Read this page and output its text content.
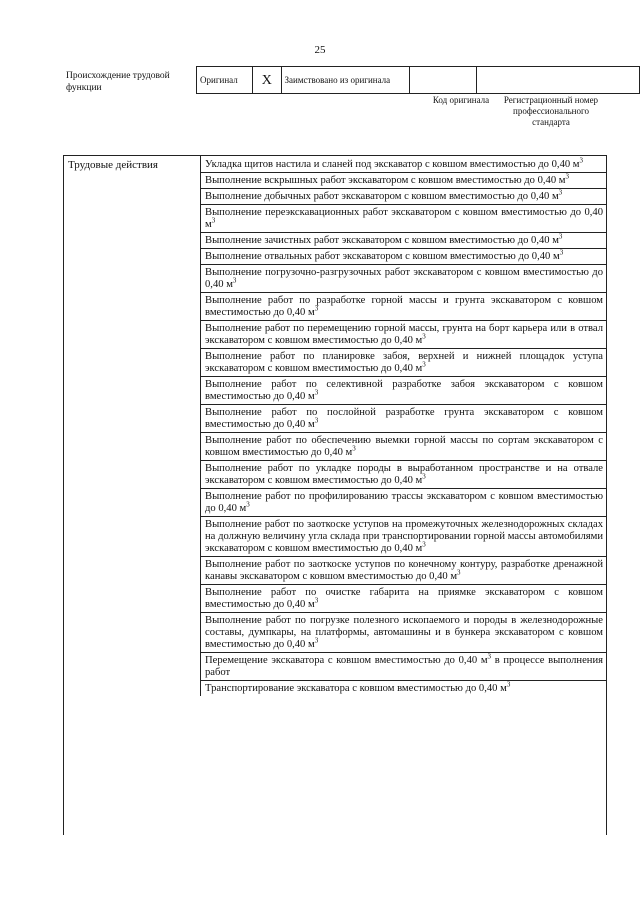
25
Происхождение трудовой функции
Оригинал	X	Заимствовано из оригинала		
Код оригинала	Регистрационный номер профессионального стандарта
Трудовые действия	Укладка щитов настила и сланей под экскаватор с ковшом вместимостью до 0,40 $м^3$
Выполнение вскрышных работ экскаватором с ковшом вместимостью до 0,40 $м^3$
Выполнение добычных работ экскаватором с ковшом вместимостью до 0,40 $м^3$
Выполнение переэкскавационных работ экскаватором с ковшом вместимостью до 0,40 $м^3$
Выполнение зачистных работ экскаватором с ковшом вместимостью до 0,40 $м^3$
Выполнение отвальных работ экскаватором с ковшом вместимостью до 0,40 $м^3$
Выполнение погрузочно-разгрузочных работ экскаватором с ковшом вместимостью до 0,40 $м^3$
Выполнение работ по разработке горной массы и грунта экскаватором с ковшом вместимостью до 0,40 $м^3$
Выполнение работ по перемещению горной массы, грунта на борт карьера или в отвал экскаватором с ковшом вместимостью до 0,40 $м^3$
Выполнение работ по планировке забоя, верхней и нижней площадок уступа экскаватором с ковшом вместимостью до 0,40 $м^3$
Выполнение работ по селективной разработке забоя экскаватором с ковшом вместимостью до 0,40 $м^3$
Выполнение работ по послойной разработке грунта экскаватором с ковшом вместимостью до 0,40 $м^3$
Выполнение работ по обеспечению выемки горной массы по сортам экскаватором с ковшом вместимостью до 0,40 $м^3$
Выполнение работ по укладке породы в выработанном пространстве и на отвале экскаватором с ковшом вместимостью до 0,40 $м^3$
Выполнение работ по профилированию трассы экскаватором с ковшом вместимостью до 0,40 $м^3$
Выполнение работ по заоткоске уступов на промежуточных железнодорожных складах на должную величину угла склада при транспортировании горной массы автомобилями экскаватором с ковшом вместимостью до 0,40 $м^3$
Выполнение работ по заоткоске уступов по конечному контуру, разработке дренажной канавы экскаватором с ковшом вместимостью до 0,40 $м^3$
Выполнение работ по очистке габарита на приямке экскаватором с ковшом вместимостью до 0,40 $м^3$
Выполнение работ по погрузке полезного ископаемого и породы в железнодорожные составы, думпкары, на платформы, автомашины и в бункера экскаватором с ковшом вместимостью до 0,40 $м^3$
Перемещение экскаватора с ковшом вместимостью до 0,40 $м^3$ в процессе выполнения работ
Транспортирование экскаватора с ковшом вместимостью до 0,40 $м^3$
